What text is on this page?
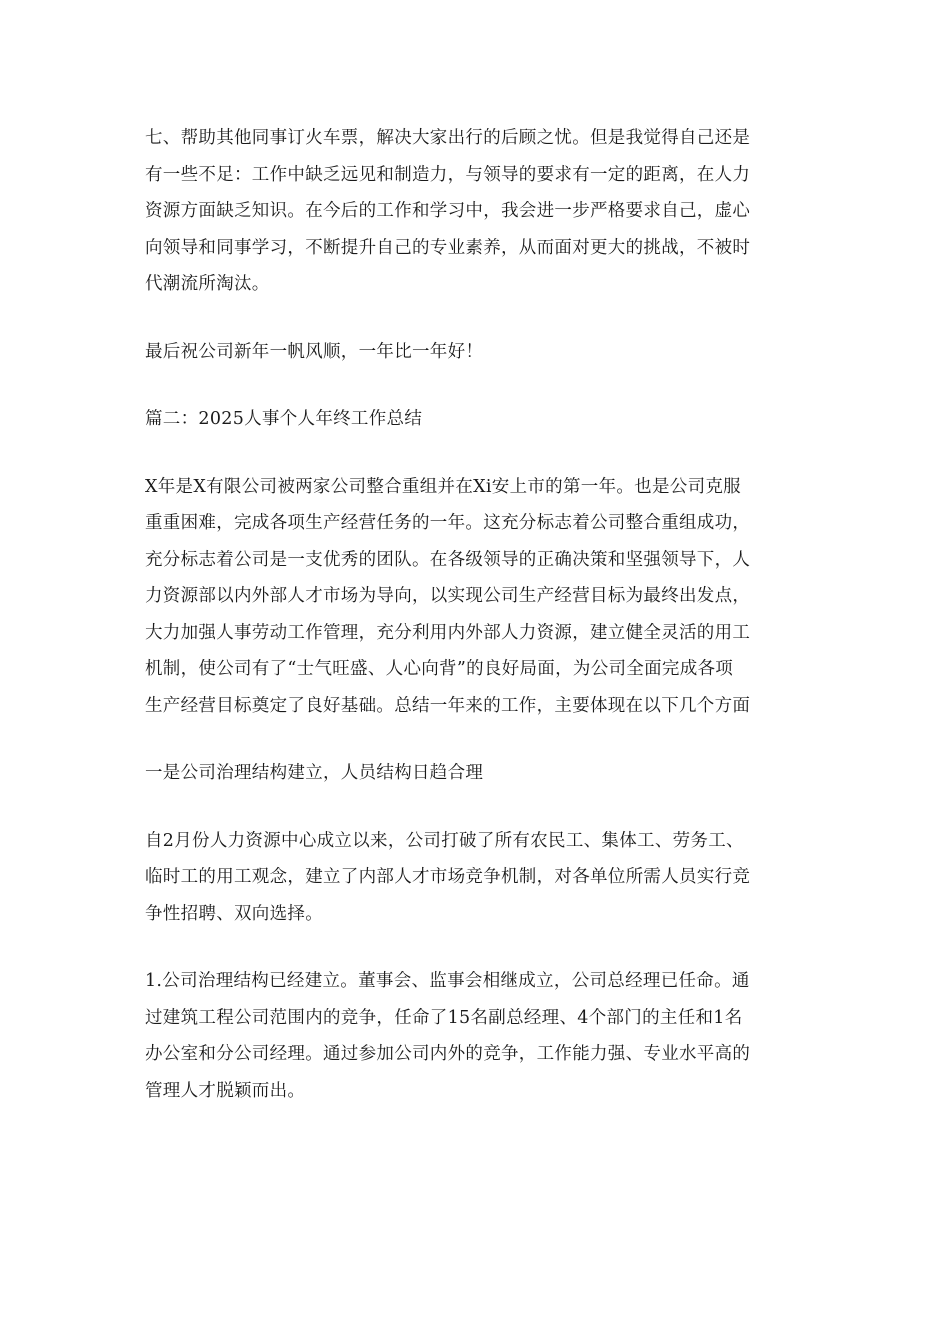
七、帮助其他同事订火车票，解决大家出行的后顾之忧。但是我觉得自己还是
有一些不足：工作中缺乏远见和制造力，与领导的要求有一定的距离，在人力
资源方面缺乏知识。在今后的工作和学习中，我会进一步严格要求自己，虚心
向领导和同事学习，不断提升自己的专业素养，从而面对更大的挑战，不被时
代潮流所淘汰。
最后祝公司新年一帆风顺，一年比一年好！
篇二：2025人事个人年终工作总结
X年是X有限公司被两家公司整合重组并在Xi安上市的第一年。也是公司克服
重重困难，完成各项生产经营任务的一年。这充分标志着公司整合重组成功，
充分标志着公司是一支优秀的团队。在各级领导的正确决策和坚强领导下，人
力资源部以内外部人才市场为导向，以实现公司生产经营目标为最终出发点，
大力加强人事劳动工作管理，充分利用内外部人力资源，建立健全灵活的用工
机制，使公司有了“士气旺盛、人心向背”的良好局面，为公司全面完成各项
生产经营目标奠定了良好基础。总结一年来的工作，主要体现在以下几个方面
一是公司治理结构建立，人员结构日趋合理
自2月份人力资源中心成立以来，公司打破了所有农民工、集体工、劳务工、
临时工的用工观念，建立了内部人才市场竞争机制，对各单位所需人员实行竞
争性招聘、双向选择。
1.公司治理结构已经建立。董事会、监事会相继成立，公司总经理已任命。通
过建筑工程公司范围内的竞争，任命了15名副总经理、4个部门的主任和1名
办公室和分公司经理。通过参加公司内外的竞争，工作能力强、专业水平高的
管理人才脱颖而出。
